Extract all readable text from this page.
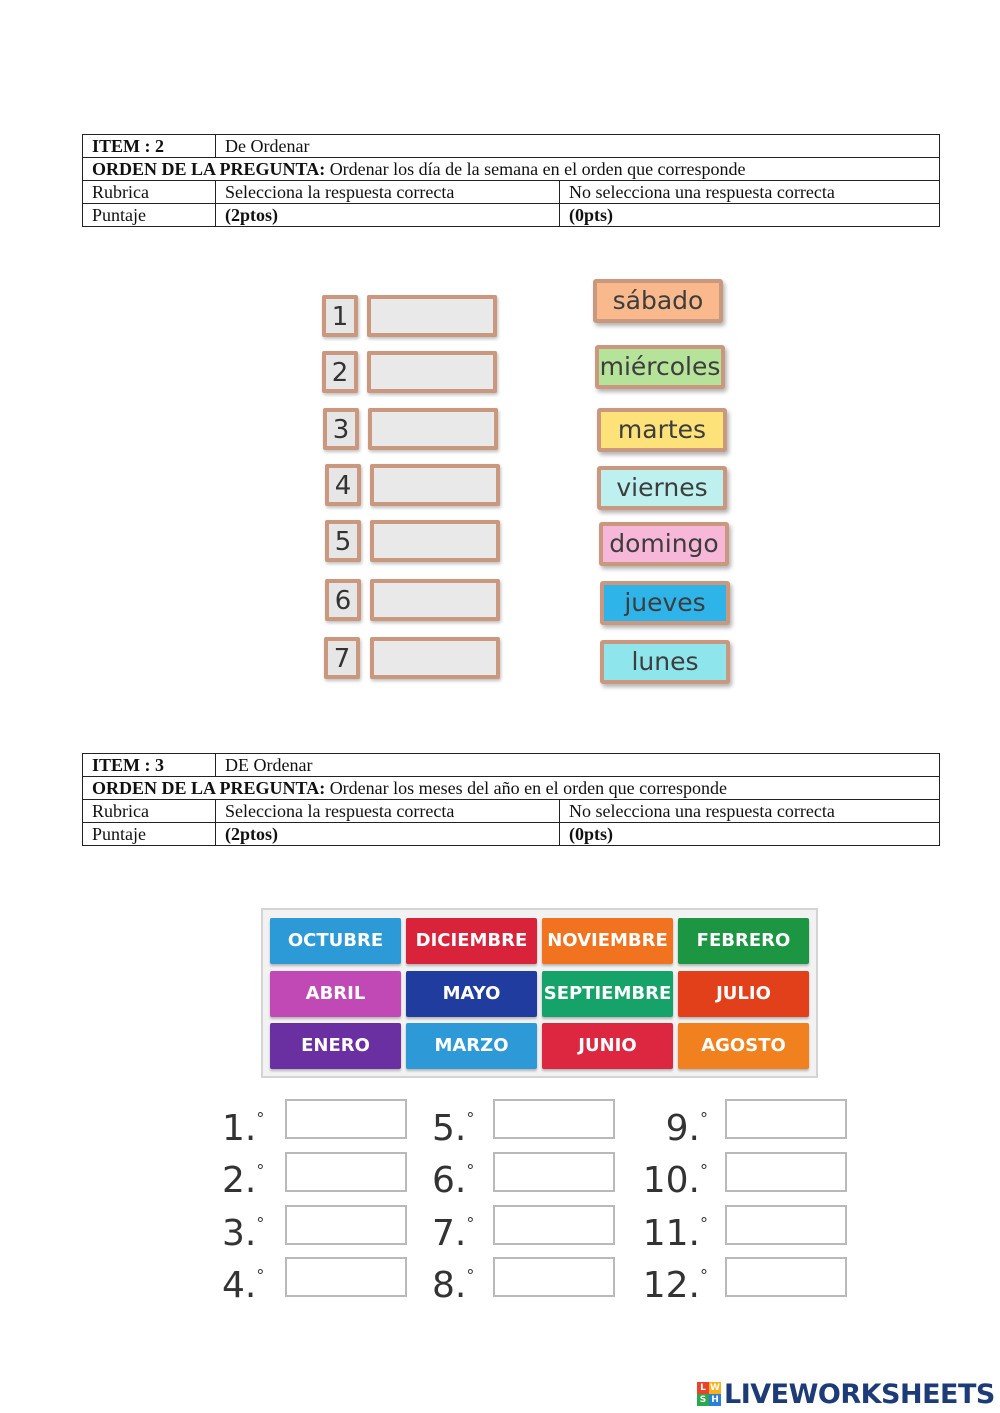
ITEM : 2	De Ordenar	
ORDEN DE LA PREGUNTA: Ordenar los día de la semana en el orden que corresponde		
Rubrica	Selecciona la respuesta correcta	No selecciona una respuesta correcta
Puntaje	(2ptos)	(0pts)
1
2
3
4
5
6
7
sábado
miércoles
martes
viernes
domingo
jueves
lunes
ITEM : 3	DE Ordenar	
ORDEN DE LA PREGUNTA: Ordenar los meses del año en el orden que corresponde		
Rubrica	Selecciona la respuesta correcta	No selecciona una respuesta correcta
Puntaje	(2ptos)	(0pts)
OCTUBRE	DICIEMBRE	NOVIEMBRE	FEBRERO
ABRIL	MAYO	SEPTIEMBRE	JULIO
ENERO	MARZO	JUNIO	AGOSTO
1.°
2.°
3.°
4.°
5.°
6.°
7.°
8.°
9.°
10.°
11.°
12.°
L W
S H LIVEWORKSHEETS
